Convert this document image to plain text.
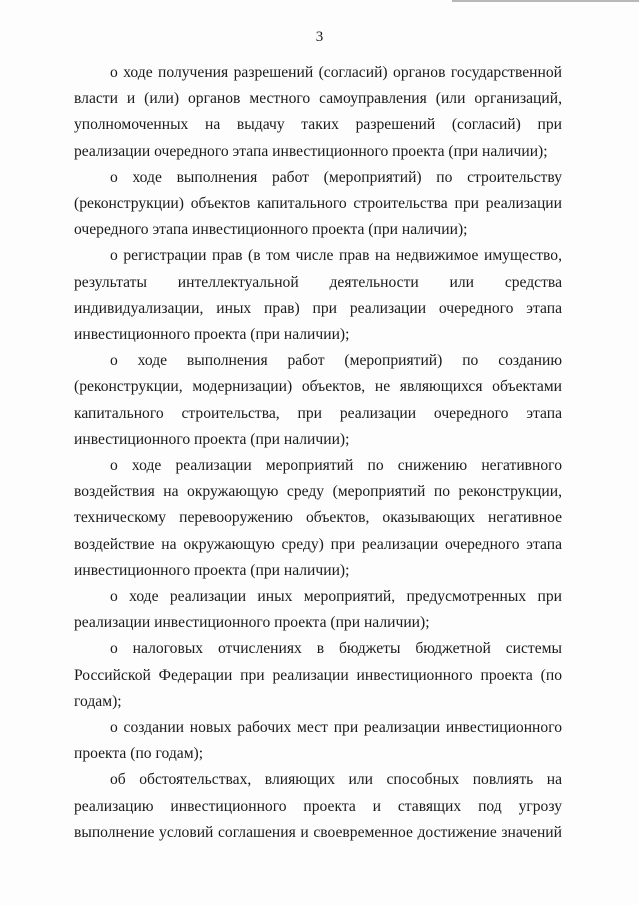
3

о ходе получения разрешений (согласий) органов государственной власти и (или) органов местного самоуправления (или организаций, уполномоченных на выдачу таких разрешений (согласий) при реализации очередного этапа инвестиционного проекта (при наличии);

о ходе выполнения работ (мероприятий) по строительству (реконструкции) объектов капитального строительства при реализации очередного этапа инвестиционного проекта (при наличии);

о регистрации прав (в том числе прав на недвижимое имущество, результаты интеллектуальной деятельности или средства индивидуализации, иных прав) при реализации очередного этапа инвестиционного проекта (при наличии);

о ходе выполнения работ (мероприятий) по созданию (реконструкции, модернизации) объектов, не являющихся объектами капитального строительства, при реализации очередного этапа инвестиционного проекта (при наличии);

о ходе реализации мероприятий по снижению негативного воздействия на окружающую среду (мероприятий по реконструкции, техническому перевооружению объектов, оказывающих негативное воздействие на окружающую среду) при реализации очередного этапа инвестиционного проекта (при наличии);

о ходе реализации иных мероприятий, предусмотренных при реализации инвестиционного проекта (при наличии);

о налоговых отчислениях в бюджеты бюджетной системы Российской Федерации при реализации инвестиционного проекта (по годам);

о создании новых рабочих мест при реализации инвестиционного проекта (по годам);

об обстоятельствах, влияющих или способных повлиять на реализацию инвестиционного проекта и ставящих под угрозу выполнение условий соглашения и своевременное достижение значений
